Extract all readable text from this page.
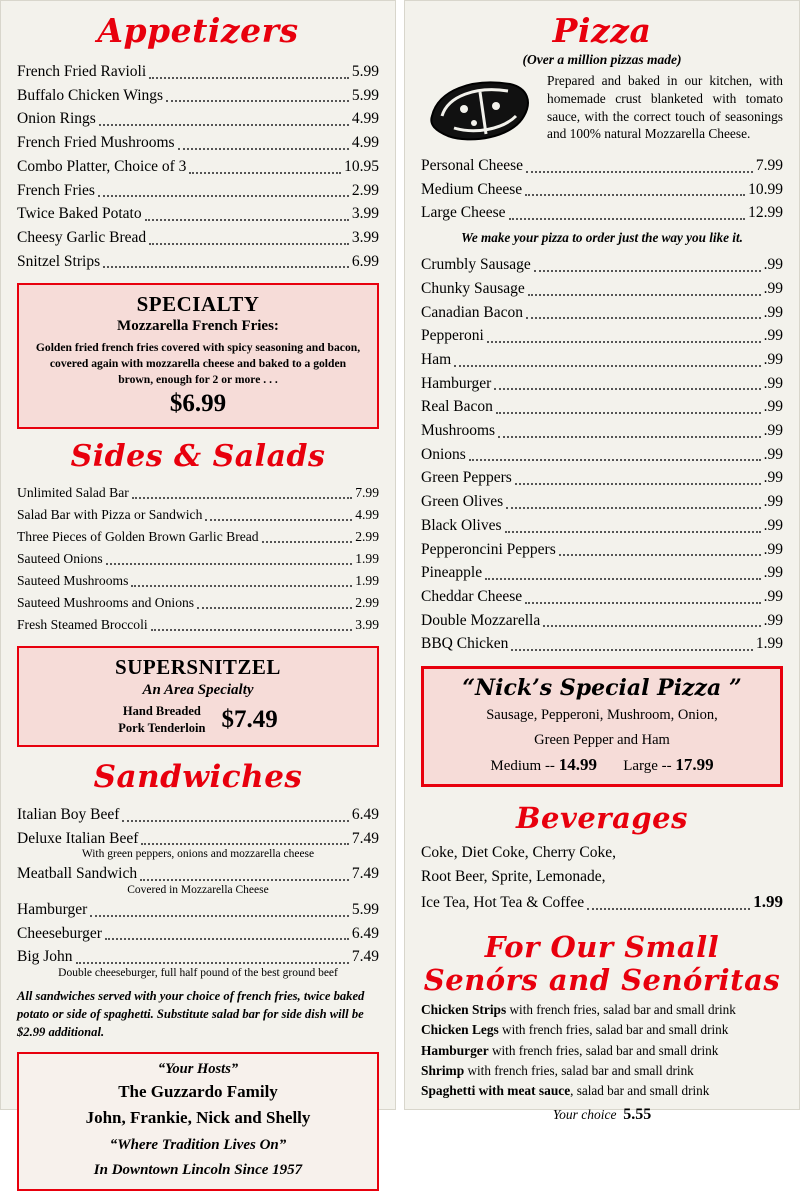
Appetizers
French Fried Ravioli	5.99
Buffalo Chicken Wings	5.99
Onion Rings	4.99
French Fried Mushrooms	4.99
Combo Platter, Choice of 3	10.95
French Fries	2.99
Twice Baked Potato	3.99
Cheesy Garlic Bread	3.99
Snitzel Strips	6.99
SPECIALTY
Mozzarella French Fries:
Golden fried french fries covered with spicy seasoning and bacon, covered again with mozzarella cheese and baked to a golden brown, enough for 2 or more . . .
$6.99
Sides & Salads
Unlimited Salad Bar	7.99
Salad Bar with Pizza or Sandwich	4.99
Three Pieces of Golden Brown Garlic Bread	2.99
Sauteed Onions	1.99
Sauteed Mushrooms	1.99
Sauteed Mushrooms and Onions	2.99
Fresh Steamed Broccoli	3.99
SUPERSNITZEL
An Area Specialty
Hand Breaded
Pork Tenderloin $7.49
Sandwiches
Italian Boy Beef	6.49
Deluxe Italian Beef	7.49
With green peppers, onions and mozzarella cheese
Meatball Sandwich	7.49
Covered in Mozzarella Cheese
Hamburger	5.99
Cheeseburger	6.49
Big John	7.49
Double cheeseburger, full half pound of the best ground beef
All sandwiches served with your choice of french fries, twice baked potato or side of spaghetti. Substitute salad bar for side dish will be $2.99 additional.
“Your Hosts”
The Guzzardo Family
John, Frankie, Nick and Shelly
“Where Tradition Lives On”
In Downtown Lincoln Since 1957
Pizza
(Over a million pizzas made)
Prepared and baked in our kitchen, with homemade crust blanketed with tomato sauce, with the correct touch of seasonings and 100% natural Mozzarella Cheese.
Personal Cheese	7.99
Medium Cheese	10.99
Large Cheese	12.99
We make your pizza to order just the way you like it.
Crumbly Sausage	.99
Chunky Sausage	.99
Canadian Bacon	.99
Pepperoni	.99
Ham	.99
Hamburger	.99
Real Bacon	.99
Mushrooms	.99
Onions	.99
Green Peppers	.99
Green Olives	.99
Black Olives	.99
Pepperoncini Peppers	.99
Pineapple	.99
Cheddar Cheese	.99
Double Mozzarella	.99
BBQ Chicken	1.99
“Nick’s Special Pizza ”
Sausage, Pepperoni, Mushroom, Onion,
Green Pepper and Ham
Medium -- 14.99 Large -- 17.99
Beverages
Coke, Diet Coke, Cherry Coke,
Root Beer, Sprite, Lemonade,
Ice Tea, Hot Tea & Coffee	1.99
For Our Small
Senórs and Senóritas
Chicken Strips with french fries, salad bar and small drink
Chicken Legs with french fries, salad bar and small drink
Hamburger with french fries, salad bar and small drink
Shrimp with french fries, salad bar and small drink
Spaghetti with meat sauce, salad bar and small drink
Your choice 5.55
